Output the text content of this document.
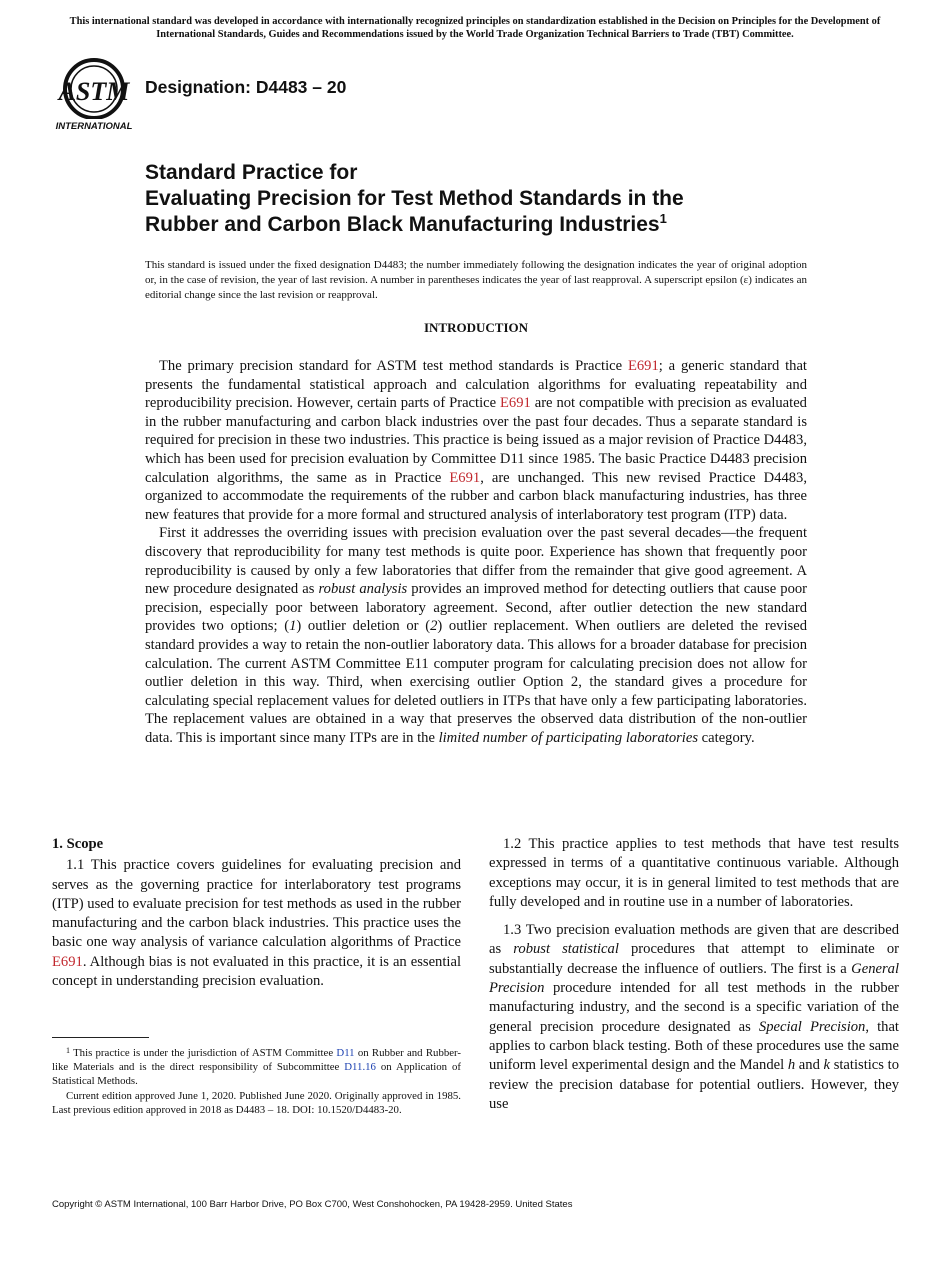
This international standard was developed in accordance with internationally recognized principles on standardization established in the Decision on Principles for the Development of International Standards, Guides and Recommendations issued by the World Trade Organization Technical Barriers to Trade (TBT) Committee.
ASTM
INTERNATIONAL
Designation: D4483 – 20
Standard Practice for
Evaluating Precision for Test Method Standards in the
Rubber and Carbon Black Manufacturing Industries$^1$
This standard is issued under the fixed designation D4483; the number immediately following the designation indicates the year of original adoption or, in the case of revision, the year of last revision. A number in parentheses indicates the year of last reapproval. A superscript epsilon (ε) indicates an editorial change since the last revision or reapproval.
INTRODUCTION

The primary precision standard for ASTM test method standards is Practice E691; a generic standard that presents the fundamental statistical approach and calculation algorithms for evaluating repeatability and reproducibility precision. However, certain parts of Practice E691 are not compatible with precision as evaluated in the rubber manufacturing and carbon black industries over the past four decades. Thus a separate standard is required for precision in these two industries. This practice is being issued as a major revision of Practice D4483, which has been used for precision evaluation by Committee D11 since 1985. The basic Practice D4483 precision calculation algorithms, the same as in Practice E691, are unchanged. This new revised Practice D4483, organized to accommodate the requirements of the rubber and carbon black manufacturing industries, has three new features that provide for a more formal and structured analysis of interlaboratory test program (ITP) data.

First it addresses the overriding issues with precision evaluation over the past several decades—the frequent discovery that reproducibility for many test methods is quite poor. Experience has shown that frequently poor reproducibility is caused by only a few laboratories that differ from the remainder that give good agreement. A new procedure designated as robust analysis provides an improved method for detecting outliers that cause poor precision, especially poor between laboratory agreement. Second, after outlier detection the new standard provides two options; (1) outlier deletion or (2) outlier replacement. When outliers are deleted the revised standard provides a way to retain the non-outlier laboratory data. This allows for a broader database for precision calculation. The current ASTM Committee E11 computer program for calculating precision does not allow for outlier deletion in this way. Third, when exercising outlier Option 2, the standard gives a procedure for calculating special replacement values for deleted outliers in ITPs that have only a few participating laboratories. The replacement values are obtained in a way that preserves the observed data distribution of the non-outlier data. This is important since many ITPs are in the limited number of participating laboratories category.

1. Scope

1.1 This practice covers guidelines for evaluating precision and serves as the governing practice for interlaboratory test programs (ITP) used to evaluate precision for test methods as used in the rubber manufacturing and the carbon black industries. This practice uses the basic one way analysis of variance calculation algorithms of Practice E691. Although bias is not evaluated in this practice, it is an essential concept in understanding precision evaluation.

$^1$ This practice is under the jurisdiction of ASTM Committee D11 on Rubber and Rubber-like Materials and is the direct responsibility of Subcommittee D11.16 on Application of Statistical Methods.

Current edition approved June 1, 2020. Published June 2020. Originally approved in 1985. Last previous edition approved in 2018 as D4483 – 18. DOI: 10.1520/D4483-20.

1.2 This practice applies to test methods that have test results expressed in terms of a quantitative continuous variable. Although exceptions may occur, it is in general limited to test methods that are fully developed and in routine use in a number of laboratories.

1.3 Two precision evaluation methods are given that are described as robust statistical procedures that attempt to eliminate or substantially decrease the influence of outliers. The first is a General Precision procedure intended for all test methods in the rubber manufacturing industry, and the second is a specific variation of the general precision procedure designated as Special Precision, that applies to carbon black testing. Both of these procedures use the same uniform level experimental design and the Mandel h and k statistics to review the precision database for potential outliers. However, they use

Copyright © ASTM International, 100 Barr Harbor Drive, PO Box C700, West Conshohocken, PA 19428-2959. United States
